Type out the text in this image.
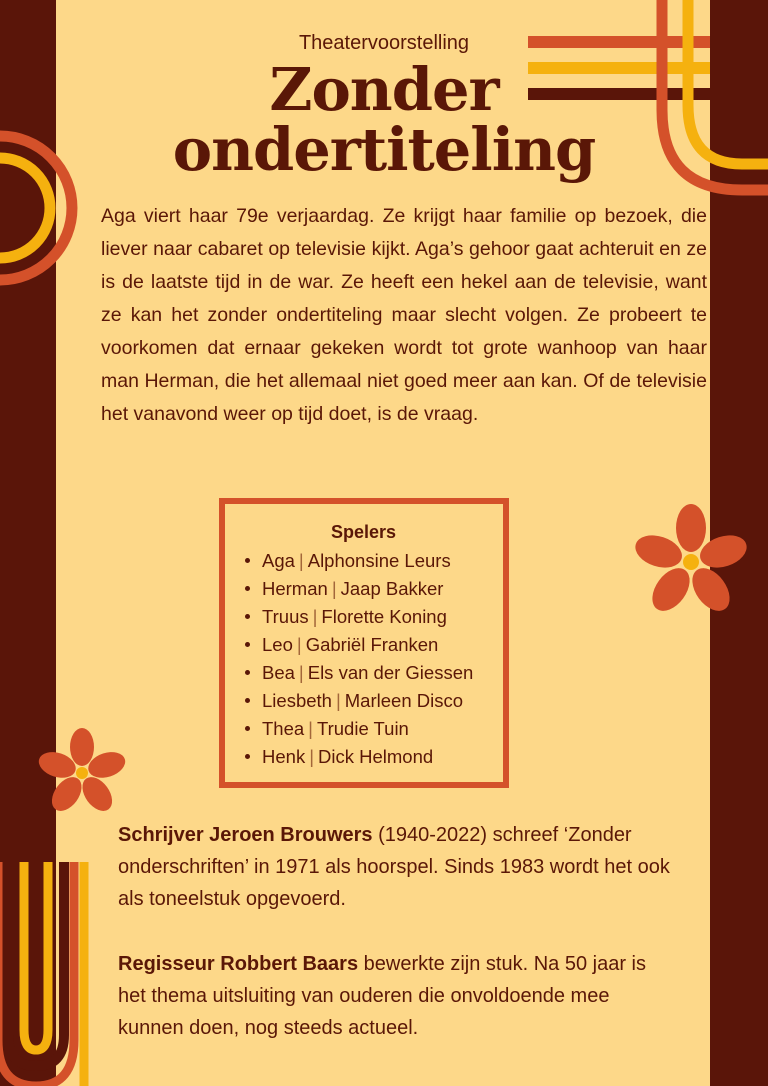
Theatervoorstelling
Zonder
ondertiteling

Aga viert haar 79e verjaardag. Ze krijgt haar familie op bezoek, die liever naar cabaret op televisie kijkt. Aga’s gehoor gaat achteruit en ze is de laatste tijd in de war. Ze heeft een hekel aan de televisie, want ze kan het zonder ondertiteling maar slecht volgen. Ze probeert te voorkomen dat ernaar gekeken wordt tot grote wanhoop van haar man Herman, die het allemaal niet goed meer aan kan. Of de televisie het vanavond weer op tijd doet, is de vraag.

Spelers
Aga | Alphonsine Leurs
Herman | Jaap Bakker
Truus | Florette Koning
Leo | Gabriël Franken
Bea | Els van der Giessen
Liesbeth | Marleen Disco
Thea | Trudie Tuin
Henk | Dick Helmond

Schrijver Jeroen Brouwers (1940-2022) schreef ‘Zonder onderschriften’ in 1971 als hoorspel. Sinds 1983 wordt het ook als toneelstuk opgevoerd.

Regisseur Robbert Baars bewerkte zijn stuk. Na 50 jaar is het thema uitsluiting van ouderen die onvoldoende mee kunnen doen, nog steeds actueel.
